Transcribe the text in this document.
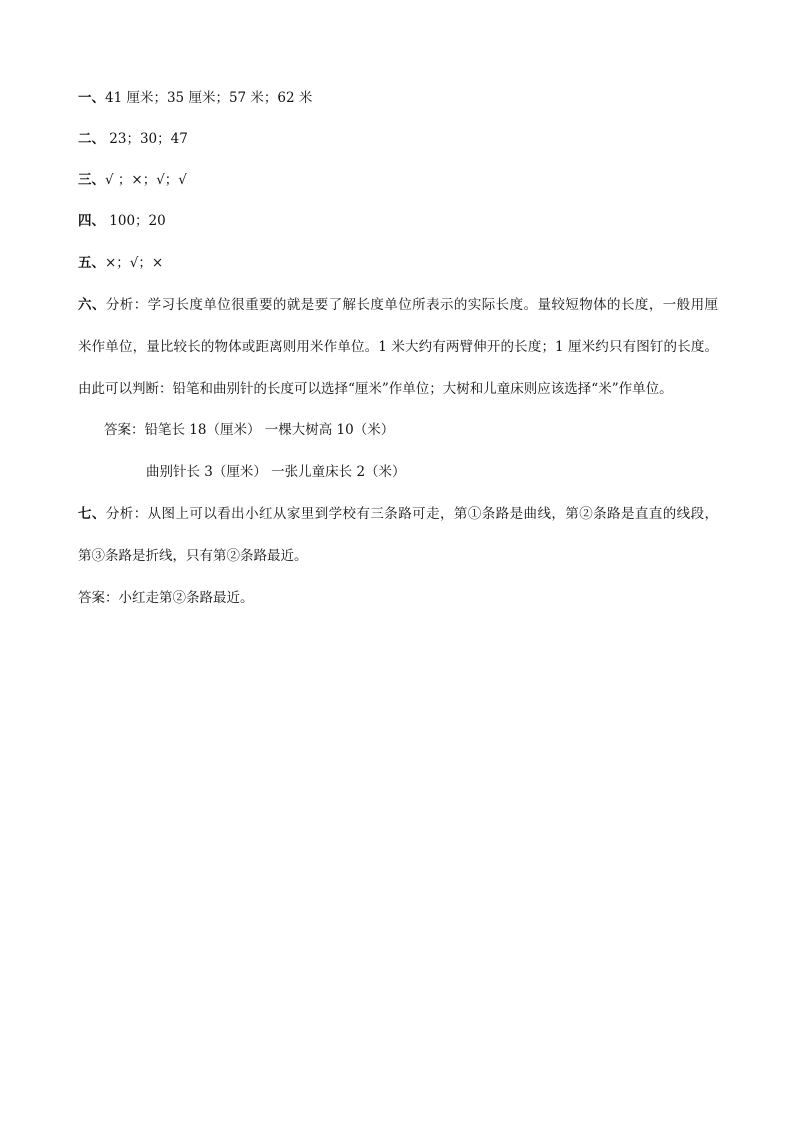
一、41 厘米；35 厘米；57 米；62 米
二、 23；30；47
三、√ ；×；√；√
四、 100；20
五、×；√；×
六、分析：学习长度单位很重要的就是要了解长度单位所表示的实际长度。量较短物体的长度，一般用厘
米作单位，量比较长的物体或距离则用米作单位。1 米大约有两臂伸开的长度；1 厘米约只有图钉的长度。
由此可以判断：铅笔和曲别针的长度可以选择“厘米”作单位；大树和儿童床则应该选择“米”作单位。
答案：铅笔长 18（厘米） 一棵大树高 10（米）
曲别针长 3（厘米） 一张儿童床长 2（米）
七、分析：从图上可以看出小红从家里到学校有三条路可走，第①条路是曲线，第②条路是直直的线段，
第③条路是折线，只有第②条路最近。
答案：小红走第②条路最近。
